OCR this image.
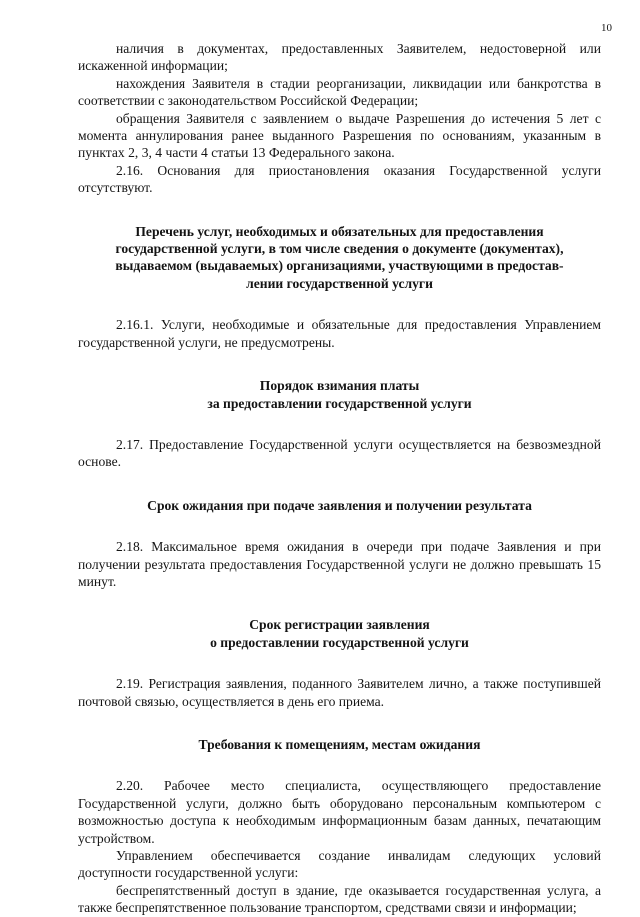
10

наличия в документах, предоставленных Заявителем, недостоверной или искаженной информации;

нахождения Заявителя в стадии реорганизации, ликвидации или банкротства в соответствии с законодательством Российской Федерации;

обращения Заявителя с заявлением о выдаче Разрешения до истечения 5 лет с момента аннулирования ранее выданного Разрешения по основаниям, указанным в пунктах 2, 3, 4 части 4 статьи 13 Федерального закона.

2.16. Основания для приостановления оказания Государственной услуги отсутствуют.

Перечень услуг, необходимых и обязательных для предоставления
государственной услуги, в том числе сведения о документе (документах),
выдаваемом (выдаваемых) организациями, участвующими в предостав-
лении государственной услуги

2.16.1. Услуги, необходимые и обязательные для предоставления Управлением государственной услуги, не предусмотрены.

Порядок взимания платы
за предоставлении государственной услуги

2.17. Предоставление Государственной услуги осуществляется на безвозмездной основе.

Срок ожидания при подаче заявления и получении результата

2.18. Максимальное время ожидания в очереди при подаче Заявления и при получении результата предоставления Государственной услуги не должно превышать 15 минут.

Срок регистрации заявления
о предоставлении государственной услуги

2.19. Регистрация заявления, поданного Заявителем лично, а также поступившей почтовой связью, осуществляется в день его приема.

Требования к помещениям, местам ожидания

2.20. Рабочее место специалиста, осуществляющего предоставление Государственной услуги, должно быть оборудовано персональным компьютером с возможностью доступа к необходимым информационным базам данных, печатающим устройством.

Управлением обеспечивается создание инвалидам следующих условий доступности государственной услуги:

беспрепятственный доступ в здание, где оказывается государственная услуга, а также беспрепятственное пользование транспортом, средствами связи и информации;
